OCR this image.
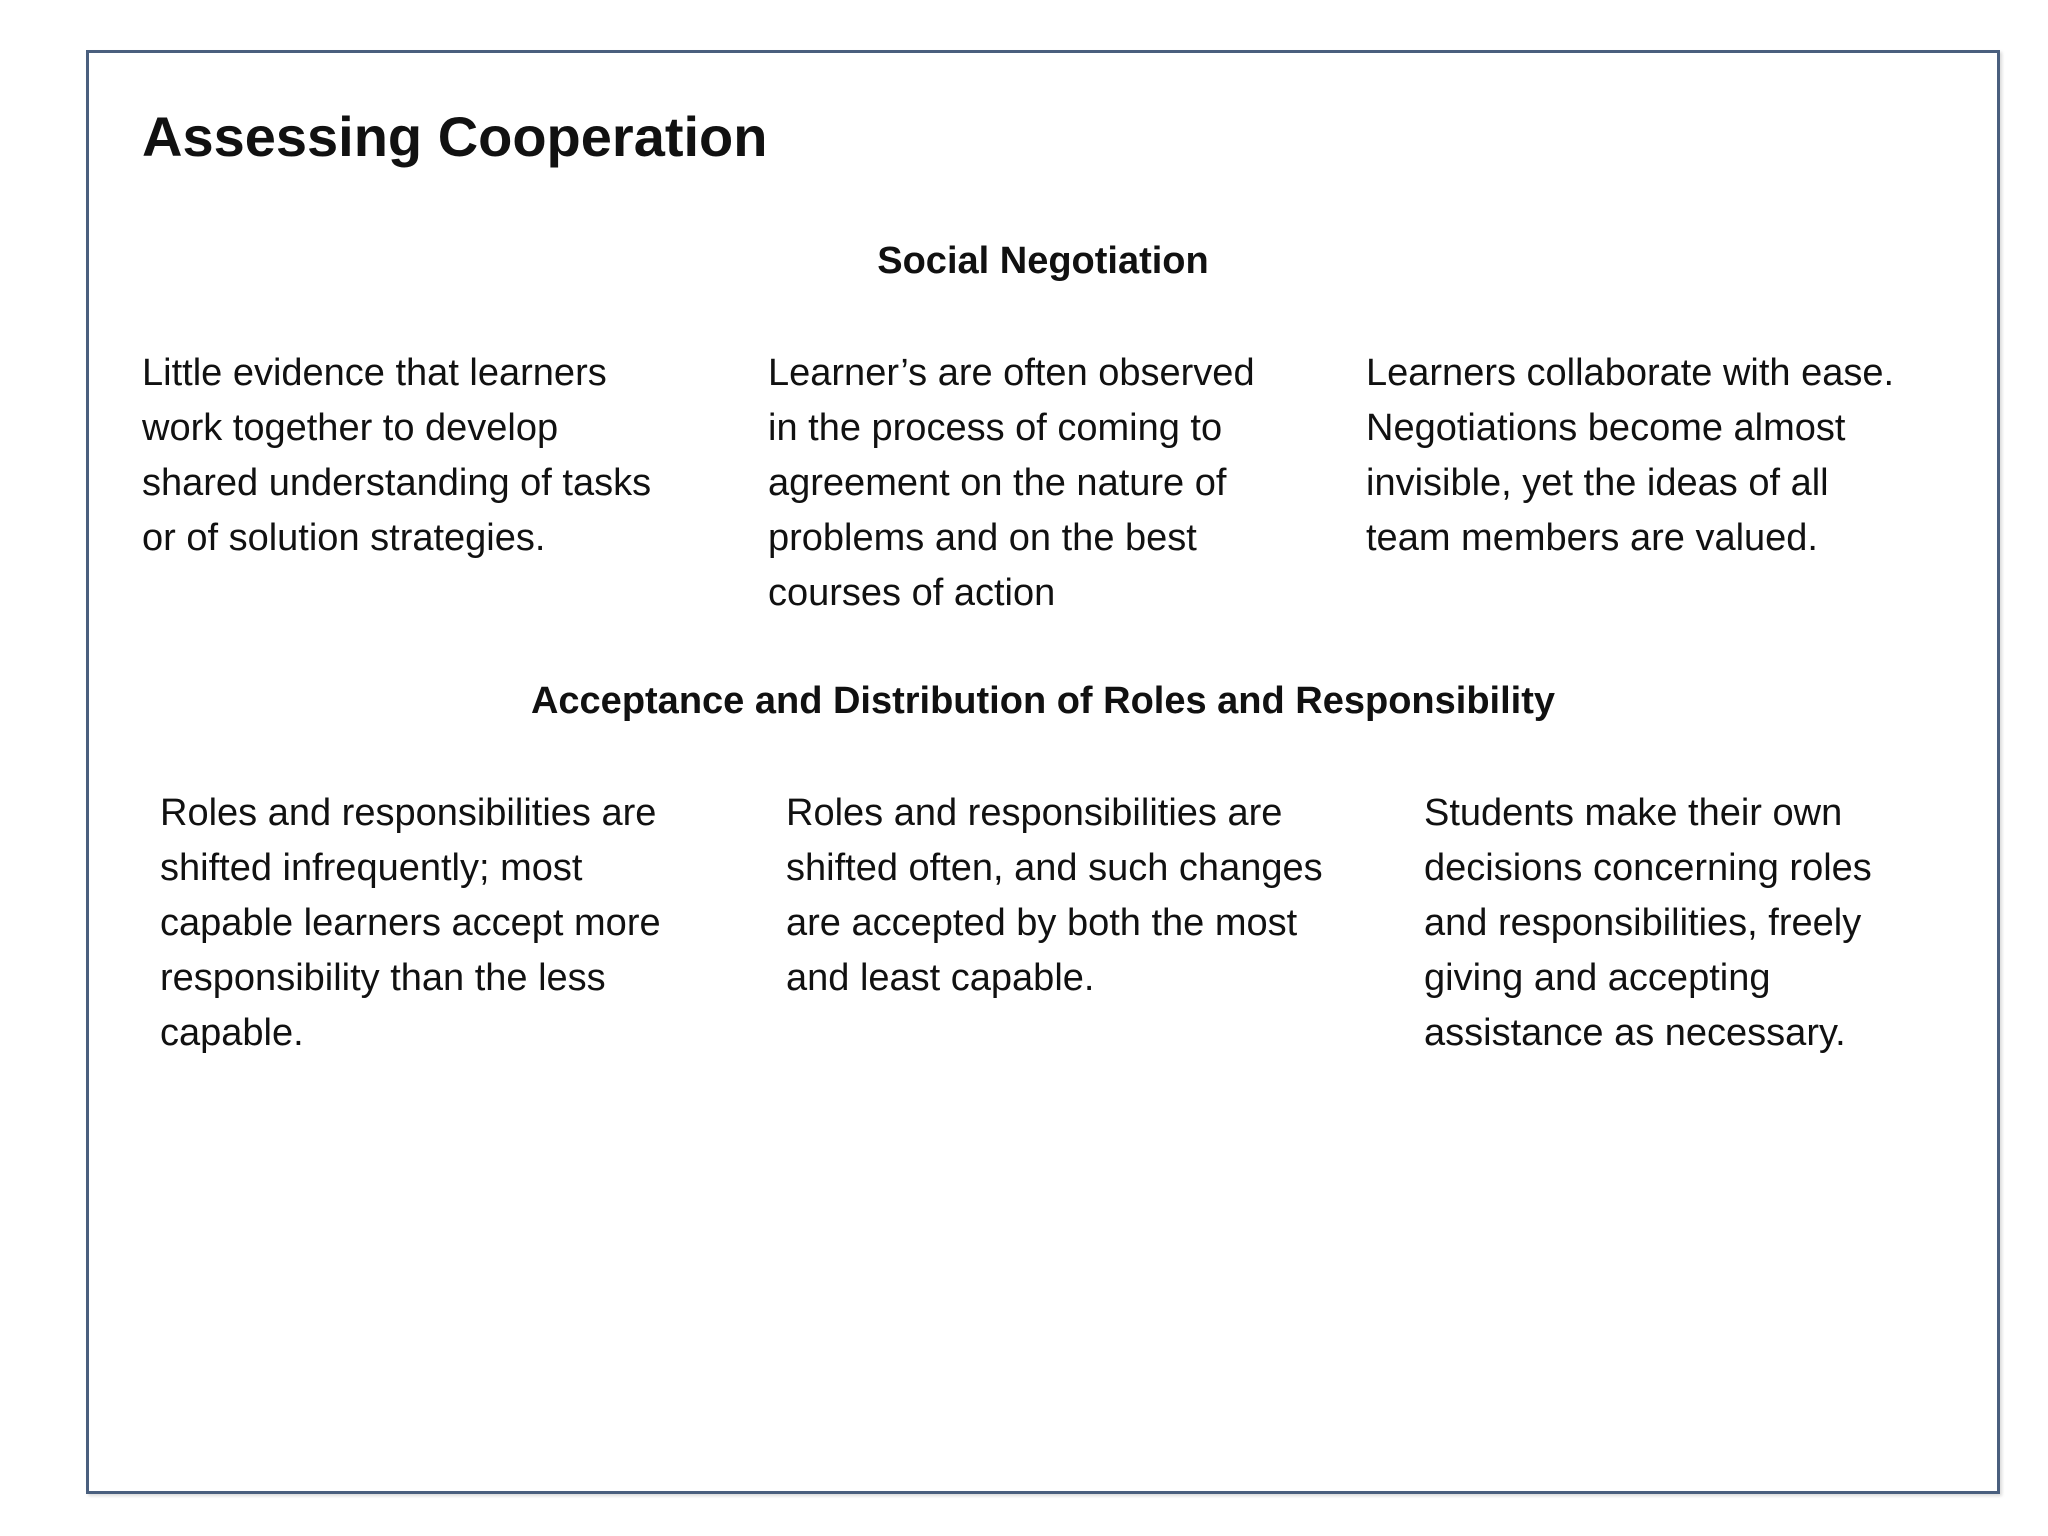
Assessing Cooperation
Social Negotiation

Little evidence that learners
work together to develop
shared understanding of tasks
or of solution strategies.

Learner’s are often observed
in the process of coming to
agreement on the nature of
problems and on the best
courses of action

Learners collaborate with ease.
Negotiations become almost
invisible, yet the ideas of all
team members are valued.

Acceptance and Distribution of Roles and Responsibility

Roles and responsibilities are
shifted infrequently; most
capable learners accept more
responsibility than the less
capable.

Roles and responsibilities are
shifted often, and such changes
are accepted by both the most
and least capable.

Students make their own
decisions concerning roles
and responsibilities, freely
giving and accepting
assistance as necessary.
